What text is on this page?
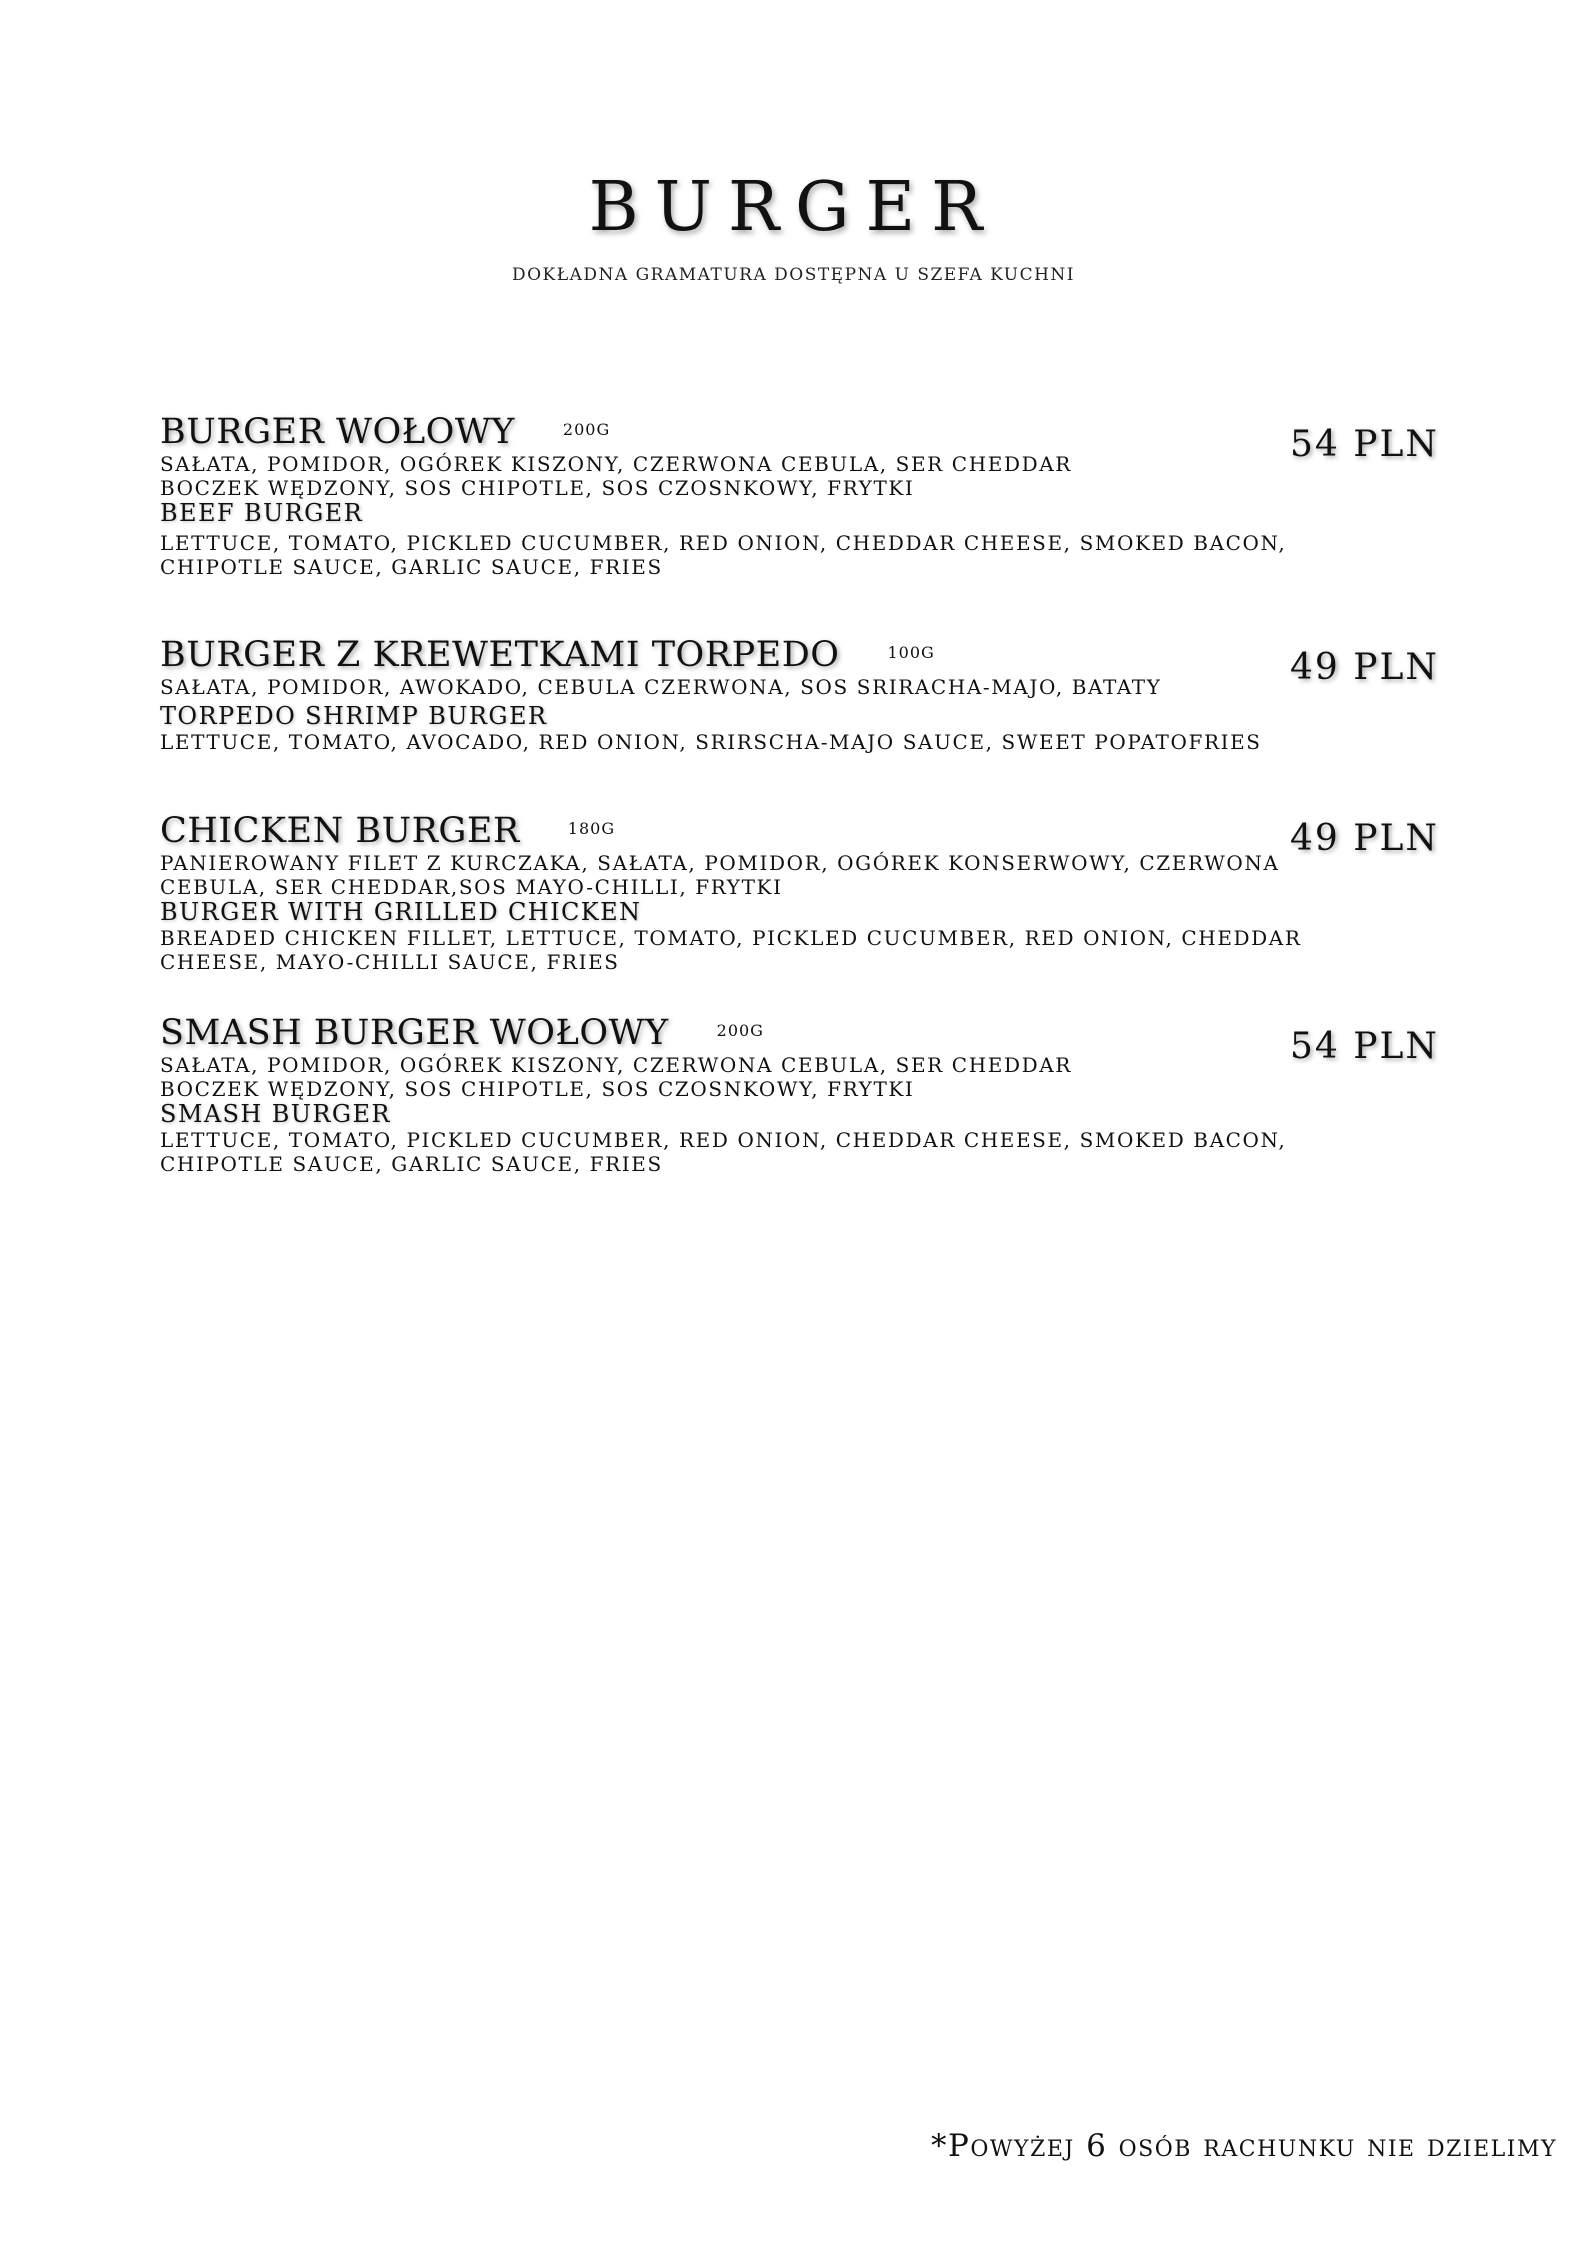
BURGER
DOKŁADNA GRAMATURA DOSTĘPNA U SZEFA KUCHNI
BURGER WOŁOWY	200G
SAŁATA, POMIDOR, OGÓREK KISZONY, CZERWONA CEBULA, SER CHEDDAR
BOCZEK WĘDZONY, SOS CHIPOTLE, SOS CZOSNKOWY, FRYTKI
BEEF BURGER
LETTUCE, TOMATO, PICKLED CUCUMBER, RED ONION, CHEDDAR CHEESE, SMOKED BACON,
CHIPOTLE SAUCE, GARLIC SAUCE, FRIES
54 PLN
BURGER Z KREWETKAMI TORPEDO	100G
SAŁATA, POMIDOR, AWOKADO, CEBULA CZERWONA, SOS SRIRACHA-MAJO, BATATY
TORPEDO SHRIMP BURGER
LETTUCE, TOMATO, AVOCADO, RED ONION, SRIRSCHA-MAJO SAUCE, SWEET POPATOFRIES
49 PLN
CHICKEN BURGER	180G
PANIEROWANY FILET Z KURCZAKA, SAŁATA, POMIDOR, OGÓREK KONSERWOWY, CZERWONA
CEBULA, SER CHEDDAR,SOS MAYO-CHILLI, FRYTKI
BURGER WITH GRILLED CHICKEN
BREADED CHICKEN FILLET, LETTUCE, TOMATO, PICKLED CUCUMBER, RED ONION, CHEDDAR
CHEESE, MAYO-CHILLI SAUCE, FRIES
49 PLN
SMASH BURGER WOŁOWY	200G
SAŁATA, POMIDOR, OGÓREK KISZONY, CZERWONA CEBULA, SER CHEDDAR
BOCZEK WĘDZONY, SOS CHIPOTLE, SOS CZOSNKOWY, FRYTKI
SMASH BURGER
LETTUCE, TOMATO, PICKLED CUCUMBER, RED ONION, CHEDDAR CHEESE, SMOKED BACON,
CHIPOTLE SAUCE, GARLIC SAUCE, FRIES
54 PLN
*Powyżej 6 osób rachunku nie dzielimy
